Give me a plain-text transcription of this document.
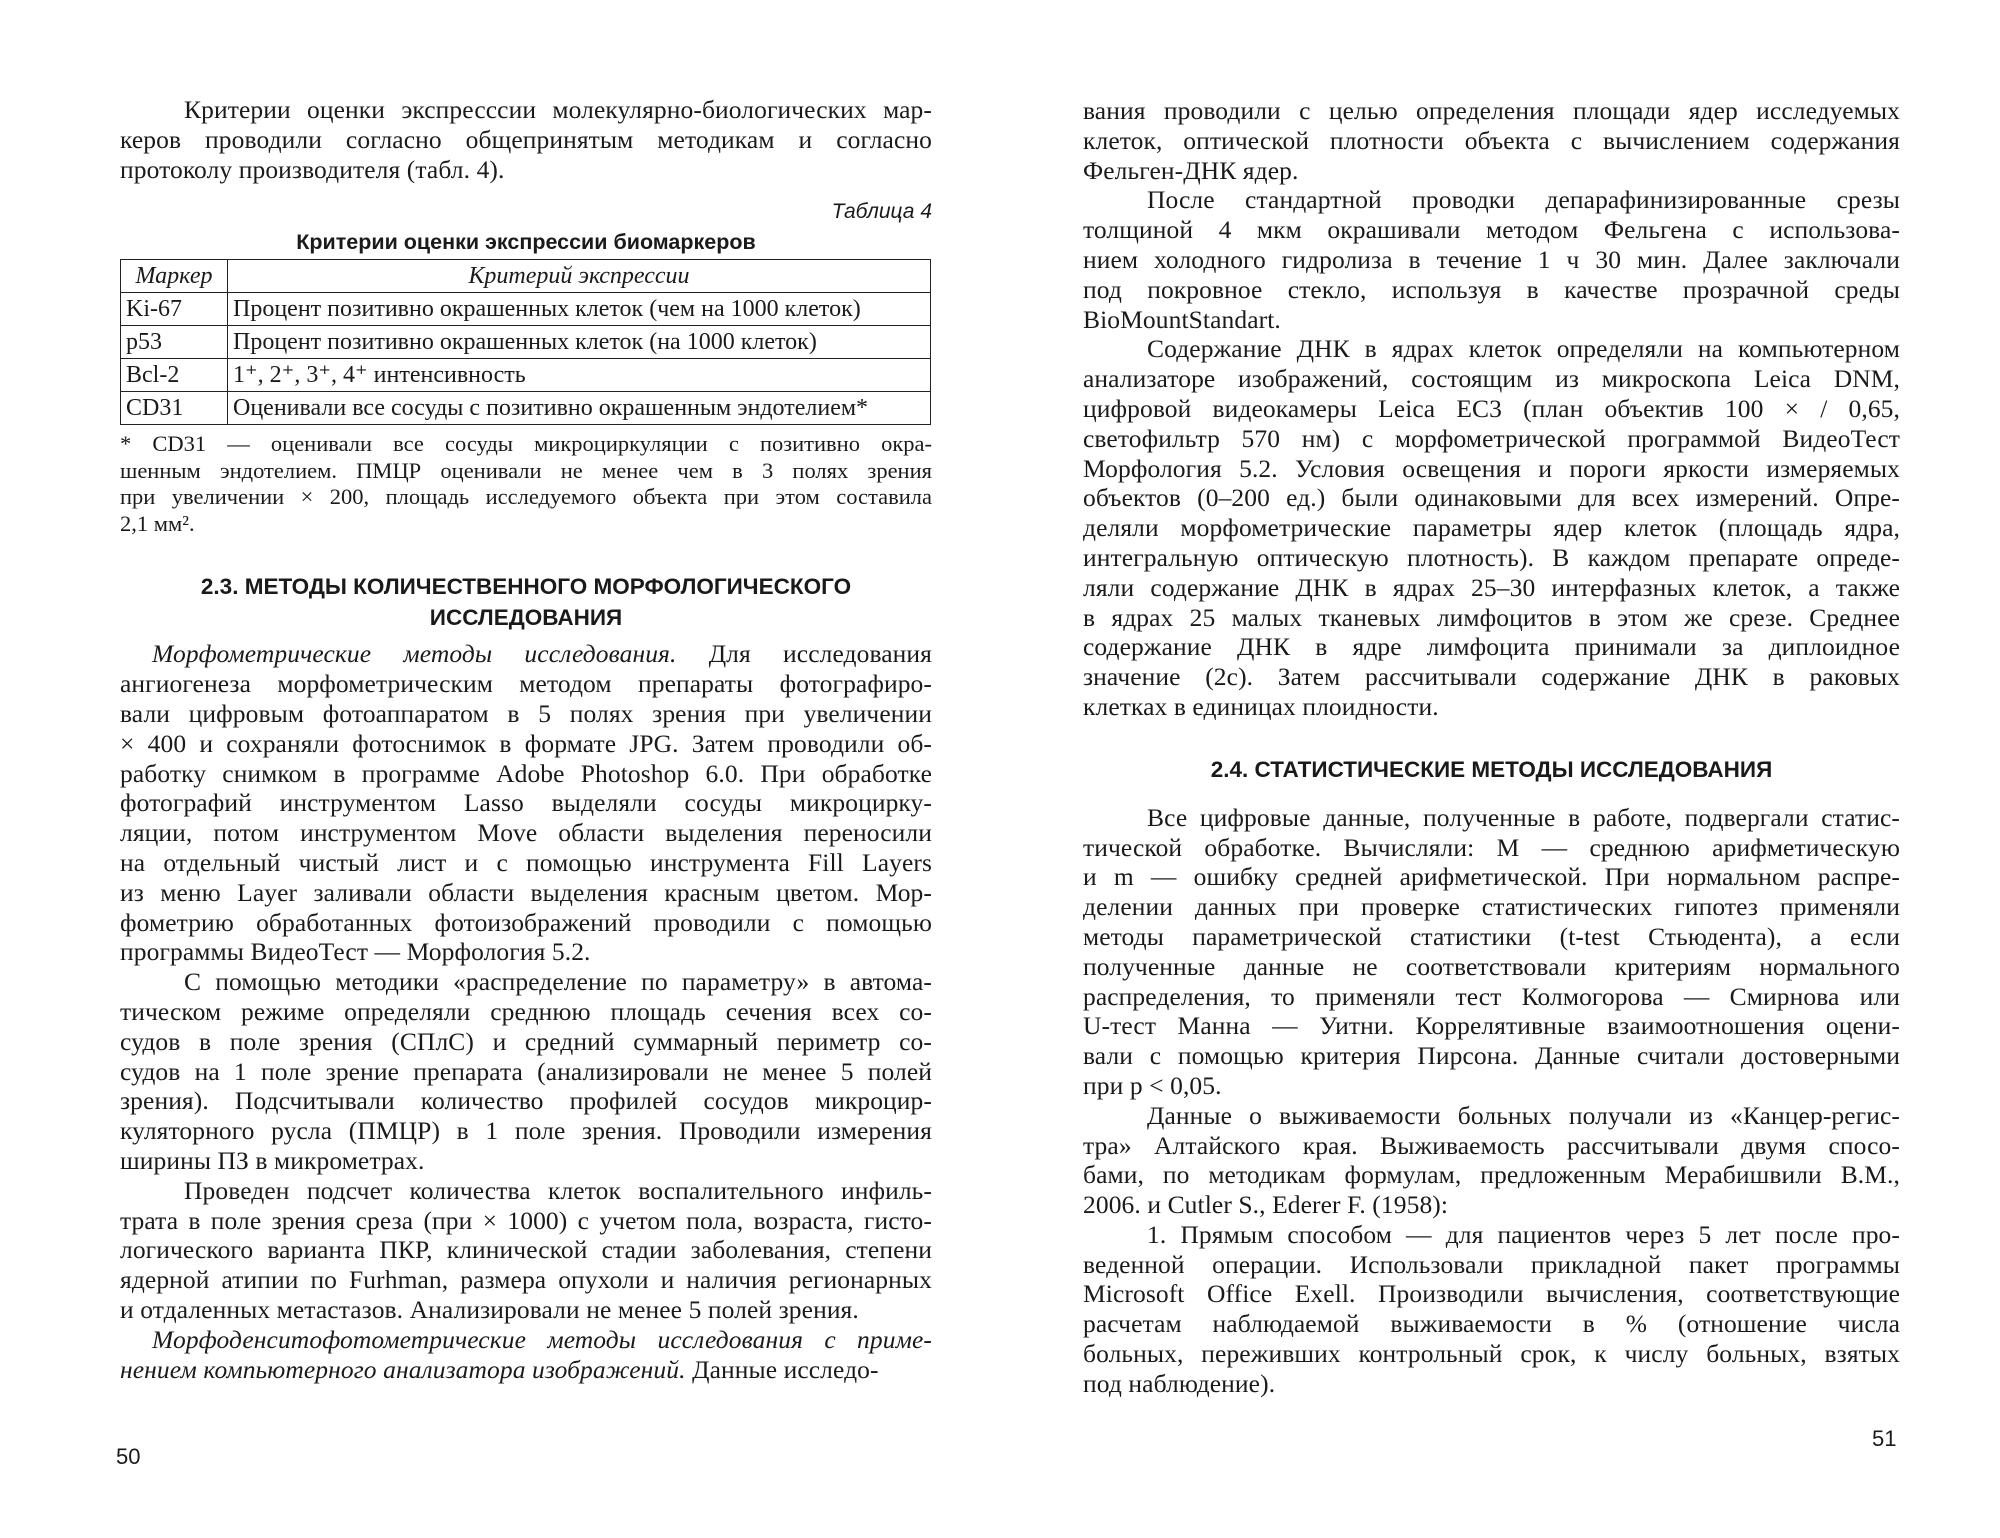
Критерии оценки экспресссии молекулярно-биологических мар-
керов проводили согласно общепринятым методикам и согласно
протоколу производителя (табл. 4).

Таблица 4
Критерии оценки экспрессии биомаркеров
Маркер	Критерий экспрессии
Ki-67	Процент позитивно окрашенных клеток (чем на 1000 клеток)
p53	Процент позитивно окрашенных клеток (на 1000 клеток)
Bcl-2	1⁺, 2⁺, 3⁺, 4⁺ интенсивность
CD31	Оценивали все сосуды с позитивно окрашенным эндотелием*

* CD31 — оценивали все сосуды микроциркуляции с позитивно окра-
шенным эндотелием. ПМЦР оценивали не менее чем в 3 полях зрения
при увеличении × 200, площадь исследуемого объекта при этом составила
2,1 мм².

2.3. МЕТОДЫ КОЛИЧЕСТВЕННОГО МОРФОЛОГИЧЕСКОГО
ИССЛЕДОВАНИЯ

Морфометрические методы исследования. Для исследования
ангиогенеза морфометрическим методом препараты фотографиро-
вали цифровым фотоаппаратом в 5 полях зрения при увеличении
× 400 и сохраняли фотоснимок в формате JPG. Затем проводили об-
работку снимком в программе Adobe Photoshop 6.0. При обработке
фотографий инструментом Lasso выделяли сосуды микроцирку-
ляции, потом инструментом Move области выделения переносили
на отдельный чистый лист и с помощью инструмента Fill Layers
из меню Layer заливали области выделения красным цветом. Мор-
фометрию обработанных фотоизображений проводили с помощью
программы ВидеоТест — Морфология 5.2.

С помощью методики «распределение по параметру» в автома-
тическом режиме определяли среднюю площадь сечения всех со-
судов в поле зрения (СПлС) и средний суммарный периметр со-
судов на 1 поле зрение препарата (анализировали не менее 5 полей
зрения). Подсчитывали количество профилей сосудов микроцир-
куляторного русла (ПМЦР) в 1 поле зрения. Проводили измерения
ширины ПЗ в микрометрах.

Проведен подсчет количества клеток воспалительного инфиль-
трата в поле зрения среза (при × 1000) с учетом пола, возраста, гисто-
логического варианта ПКР, клинической стадии заболевания, степени
ядерной атипии по Furhman, размера опухоли и наличия регионарных
и отдаленных метастазов. Анализировали не менее 5 полей зрения.

Морфоденситофотометрические методы исследования с приме-
нением компьютерного анализатора изображений. Данные исследо-

50

вания проводили с целью определения площади ядер исследуемых
клеток, оптической плотности объекта с вычислением содержания
Фельген-ДНК ядер.

После стандартной проводки депарафинизированные срезы
толщиной 4 мкм окрашивали методом Фельгена с использова-
нием холодного гидролиза в течение 1 ч 30 мин. Далее заключали
под покровное стекло, используя в качестве прозрачной среды
BioMountStandart.

Содержание ДНК в ядрах клеток определяли на компьютерном
анализаторе изображений, состоящим из микроскопа Leica DNM,
цифровой видеокамеры Leica EC3 (план объектив 100 × / 0,65,
светофильтр 570 нм) с морфометрической программой ВидеоТест
Морфология 5.2. Условия освещения и пороги яркости измеряемых
объектов (0–200 ед.) были одинаковыми для всех измерений. Опре-
деляли морфометрические параметры ядер клеток (площадь ядра,
интегральную оптическую плотность). В каждом препарате опреде-
ляли содержание ДНК в ядрах 25–30 интерфазных клеток, а также
в ядрах 25 малых тканевых лимфоцитов в этом же срезе. Среднее
содержание ДНК в ядре лимфоцита принимали за диплоидное
значение (2с). Затем рассчитывали содержание ДНК в раковых
клетках в единицах плоидности.

2.4. СТАТИСТИЧЕСКИЕ МЕТОДЫ ИССЛЕДОВАНИЯ

Все цифровые данные, полученные в работе, подвергали статис-
тической обработке. Вычисляли: M — среднюю арифметическую
и m — ошибку средней арифметической. При нормальном распре-
делении данных при проверке статистических гипотез применяли
методы параметрической статистики (t-test Стьюдента), а если
полученные данные не соответствовали критериям нормального
распределения, то применяли тест Колмогорова — Смирнова или
U-тест Манна — Уитни. Коррелятивные взаимоотношения оцени-
вали с помощью критерия Пирсона. Данные считали достоверными
при p < 0,05.

Данные о выживаемости больных получали из «Канцер-регис-
тра» Алтайского края. Выживаемость рассчитывали двумя спосо-
бами, по методикам формулам, предложенным Мерабишвили В.М.,
2006. и Cutler S., Ederer F. (1958):

1. Прямым способом — для пациентов через 5 лет после про-
веденной операции. Использовали прикладной пакет программы
Microsoft Office Exell. Производили вычисления, соответствующие
расчетам наблюдаемой выживаемости в % (отношение числа
больных, переживших контрольный срок, к числу больных, взятых
под наблюдение).

51
